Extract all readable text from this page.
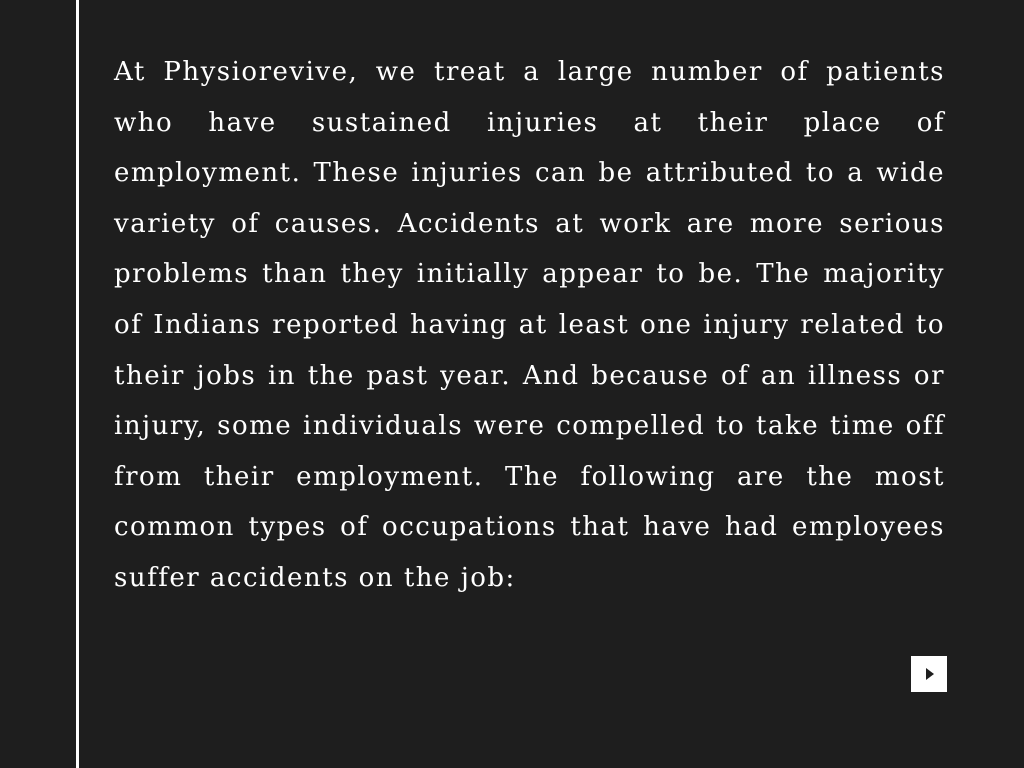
At Physiorevive, we treat a large number of patients who have sustained injuries at their place of employment. These injuries can be attributed to a wide variety of causes. Accidents at work are more serious problems than they initially appear to be. The majority of Indians reported having at least one injury related to their jobs in the past year. And because of an illness or injury, some individuals were compelled to take time off from their employment. The following are the most common types of occupations that have had employees suffer accidents on the job:
